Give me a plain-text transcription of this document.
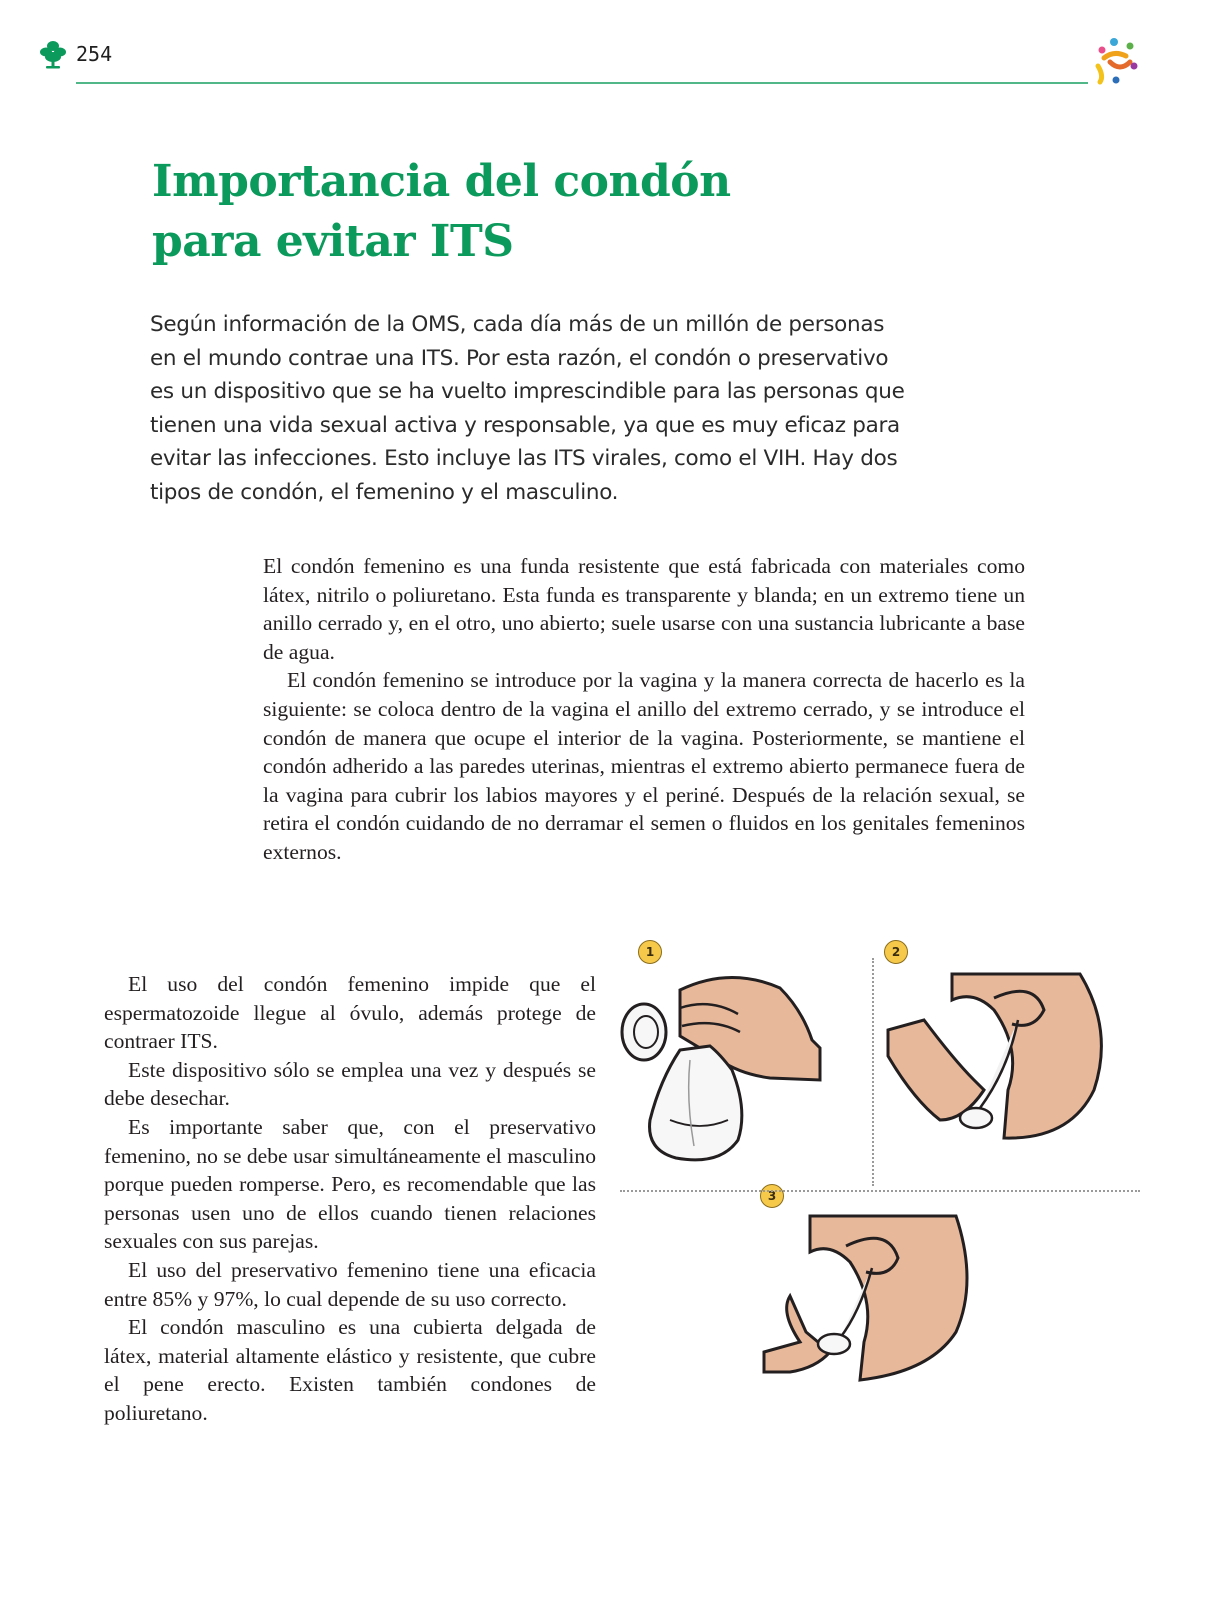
254
Importancia del condón
para evitar ITS

Según información de la OMS, cada día más de un millón de personas en el mundo contrae una ITS. Por esta razón, el condón o preservativo es un dispositivo que se ha vuelto imprescindible para las personas que tienen una vida sexual activa y responsable, ya que es muy eficaz para evitar las infecciones. Esto incluye las ITS virales, como el VIH. Hay dos tipos de condón, el femenino y el masculino.

El condón femenino es una funda resistente que está fabricada con materiales como látex, nitrilo o poliuretano. Esta funda es transparente y blanda; en un extremo tiene un anillo cerrado y, en el otro, uno abierto; suele usarse con una sustancia lubricante a base de agua.

El condón femenino se introduce por la vagina y la manera correcta de hacerlo es la siguiente: se coloca dentro de la vagina el anillo del extremo cerrado, y se introduce el condón de manera que ocupe el interior de la vagina. Posteriormente, se mantiene el condón adherido a las paredes uterinas, mientras el extremo abierto permanece fuera de la vagina para cubrir los labios mayores y el periné. Después de la relación sexual, se retira el condón cuidando de no derramar el semen o fluidos en los genitales femeninos externos.

El uso del condón femenino impide que el espermatozoide llegue al óvulo, además protege de contraer ITS.

Este dispositivo sólo se emplea una vez y después se debe desechar.

Es importante saber que, con el preservativo femenino, no se debe usar simultáneamente el masculino porque pueden romperse. Pero, es recomendable que las personas usen uno de ellos cuando tienen relaciones sexuales con sus parejas.

El uso del preservativo femenino tiene una eficacia entre 85% y 97%, lo cual depende de su uso correcto.

El condón masculino es una cubierta delgada de látex, material altamente elástico y resistente, que cubre el pene erecto. Existen también condones de poliuretano.

1	2
3
